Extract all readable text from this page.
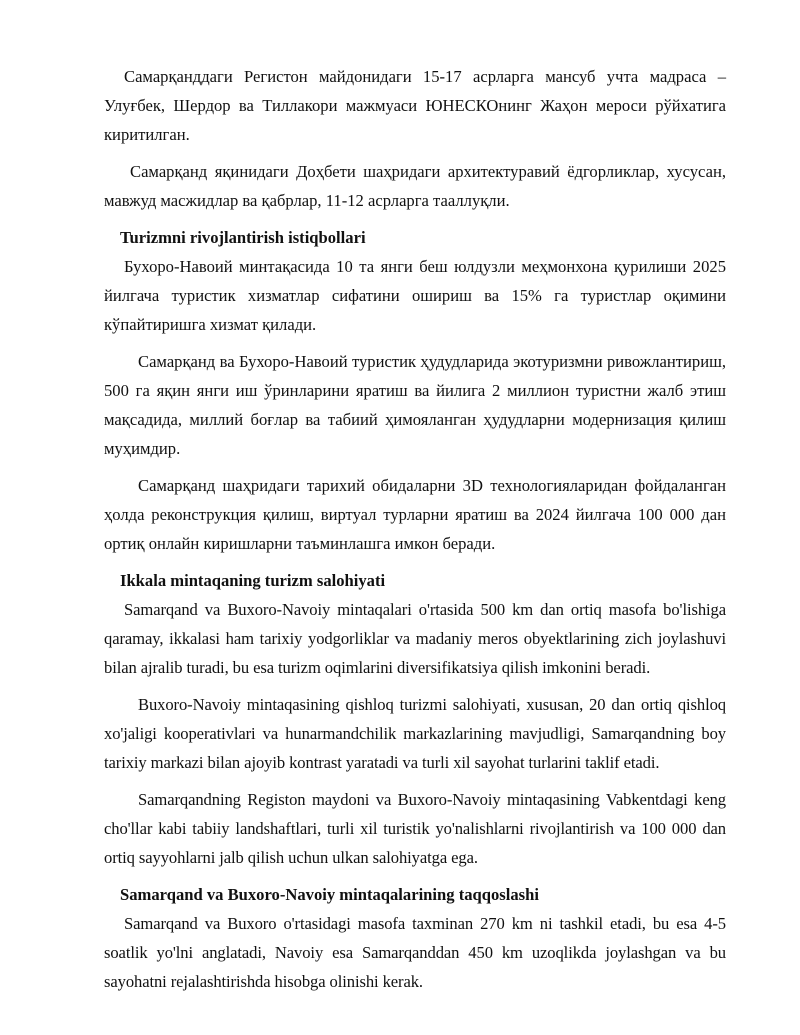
Самарқанддаги Регистон майдонидаги 15-17 асрларга мансуб учта мадраса – Улуғбек, Шердор ва Тиллакори мажмуаси ЮНЕСКОнинг Жаҳон мероси рўйхатига киритилган.

Самарқанд яқинидаги Доҳбети шаҳридаги архитектуравий ёдгорликлар, хусусан, мавжуд масжидлар ва қабрлар, 11-12 асрларга тааллуқли.

Turizmni rivojlantirish istiqbollari

Бухоро-Навоий минтақасида 10 та янги беш юлдузли меҳмонхона қурилиши 2025 йилгача туристик хизматлар сифатини ошириш ва 15% га туристлар оқимини кўпайтиришга хизмат қилади.

Самарқанд ва Бухоро-Навоий туристик ҳудудларида экотуризмни ривожлантириш, 500 га яқин янги иш ўринларини яратиш ва йилига 2 миллион туристни жалб этиш мақсадида, миллий боғлар ва табиий ҳимояланган ҳудудларни модернизация қилиш муҳимдир.

Самарқанд шаҳридаги тарихий обидаларни 3D технологияларидан фойдаланган ҳолда реконструкция қилиш, виртуал турларни яратиш ва 2024 йилгача 100 000 дан ортиқ онлайн киришларни таъминлашга имкон беради.

Ikkala mintaqaning turizm salohiyati

Samarqand va Buxoro-Navoiy mintaqalari o'rtasida 500 km dan ortiq masofa bo'lishiga qaramay, ikkalasi ham tarixiy yodgorliklar va madaniy meros obyektlarining zich joylashuvi bilan ajralib turadi, bu esa turizm oqimlarini diversifikatsiya qilish imkonini beradi.

Buxoro-Navoiy mintaqasining qishloq turizmi salohiyati, xususan, 20 dan ortiq qishloq xo'jaligi kooperativlari va hunarmandchilik markazlarining mavjudligi, Samarqandning boy tarixiy markazi bilan ajoyib kontrast yaratadi va turli xil sayohat turlarini taklif etadi.

Samarqandning Registon maydoni va Buxoro-Navoiy mintaqasining Vabkentdagi keng cho'llar kabi tabiiy landshaftlari, turli xil turistik yo'nalishlarni rivojlantirish va 100 000 dan ortiq sayyohlarni jalb qilish uchun ulkan salohiyatga ega.

Samarqand va Buxoro-Navoiy mintaqalarining taqqoslashi

Samarqand va Buxoro o'rtasidagi masofa taxminan 270 km ni tashkil etadi, bu esa 4-5 soatlik yo'lni anglatadi, Navoiy esa Samarqanddan 450 km uzoqlikda joylashgan va bu sayohatni rejalashtirishda hisobga olinishi kerak.
